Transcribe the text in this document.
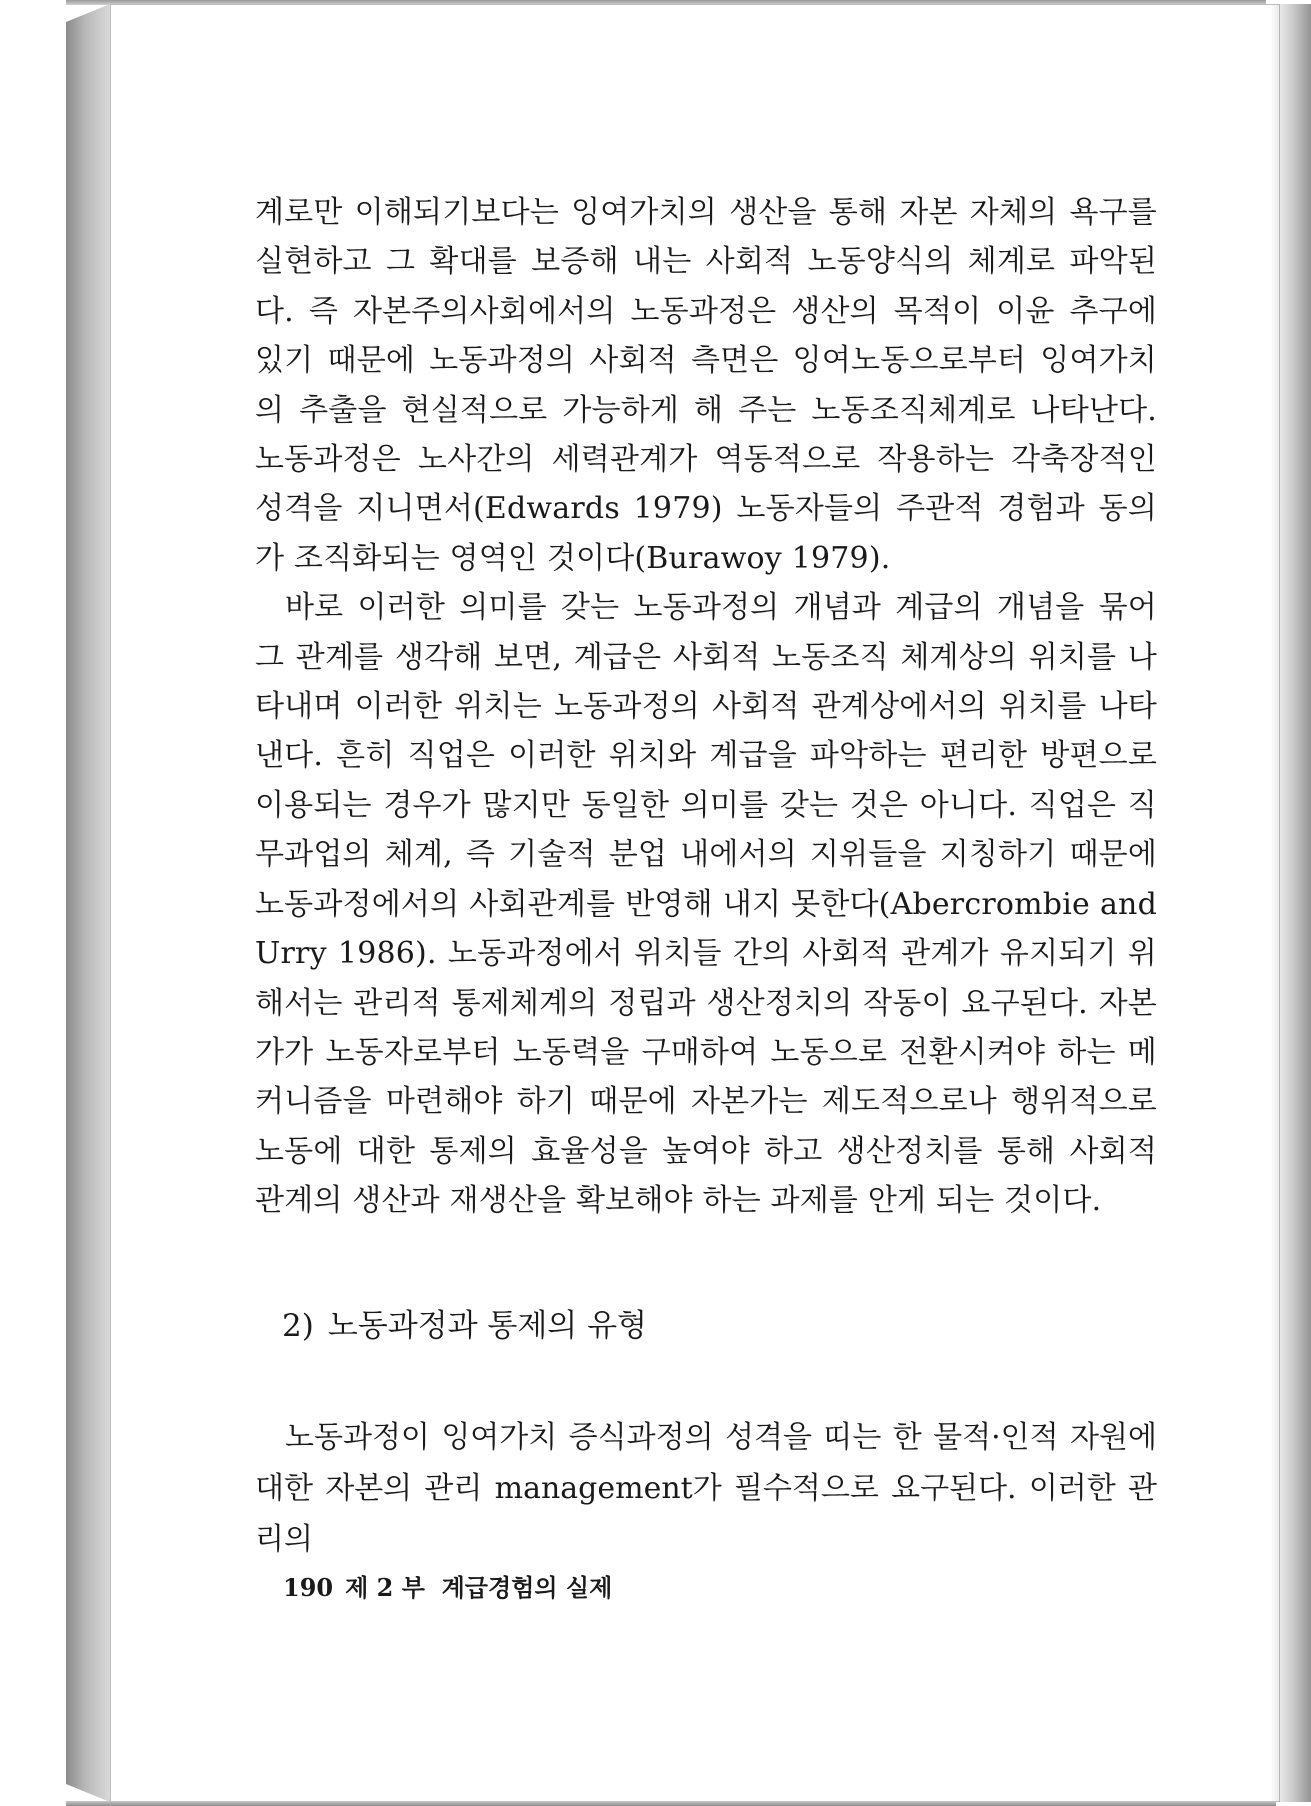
계로만 이해되기보다는 잉여가치의 생산을 통해 자본 자체의 욕구를 실현하고 그 확대를 보증해 내는 사회적 노동양식의 체계로 파악된다. 즉 자본주의사회에서의 노동과정은 생산의 목적이 이윤 추구에 있기 때문에 노동과정의 사회적 측면은 잉여노동으로부터 잉여가치의 추출을 현실적으로 가능하게 해 주는 노동조직체계로 나타난다. 노동과정은 노사간의 세력관계가 역동적으로 작용하는 각축장적인 성격을 지니면서(Edwards 1979) 노동자들의 주관적 경험과 동의가 조직화되는 영역인 것이다(Burawoy 1979).

바로 이러한 의미를 갖는 노동과정의 개념과 계급의 개념을 묶어 그 관계를 생각해 보면, 계급은 사회적 노동조직 체계상의 위치를 나타내며 이러한 위치는 노동과정의 사회적 관계상에서의 위치를 나타낸다. 흔히 직업은 이러한 위치와 계급을 파악하는 편리한 방편으로 이용되는 경우가 많지만 동일한 의미를 갖는 것은 아니다. 직업은 직무과업의 체계, 즉 기술적 분업 내에서의 지위들을 지칭하기 때문에 노동과정에서의 사회관계를 반영해 내지 못한다(Abercrombie and Urry 1986). 노동과정에서 위치들 간의 사회적 관계가 유지되기 위해서는 관리적 통제체계의 정립과 생산정치의 작동이 요구된다. 자본가가 노동자로부터 노동력을 구매하여 노동으로 전환시켜야 하는 메커니즘을 마련해야 하기 때문에 자본가는 제도적으로나 행위적으로 노동에 대한 통제의 효율성을 높여야 하고 생산정치를 통해 사회적 관계의 생산과 재생산을 확보해야 하는 과제를 안게 되는 것이다.

2) 노동과정과 통제의 유형

노동과정이 잉여가치 증식과정의 성격을 띠는 한 물적·인적 자원에 대한 자본의 관리 management가 필수적으로 요구된다. 이러한 관리의

190 제 2 부 계급경험의 실제
